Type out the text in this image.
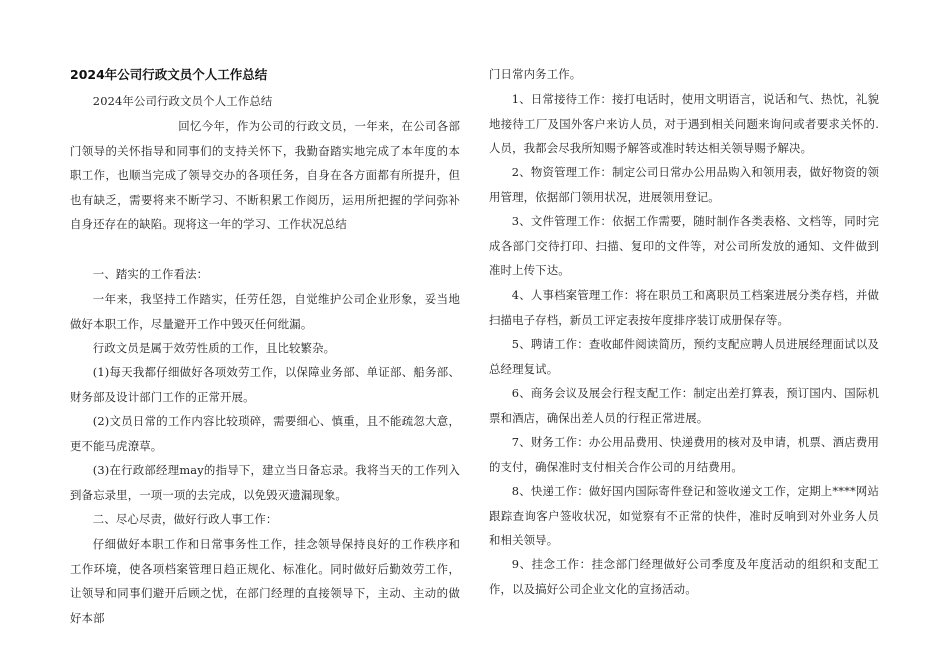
2024年公司行政文员个人工作总结

2024年公司行政文员个人工作总结

回忆今年，作为公司的行政文员，一年来，在公司各部门领导的关怀指导和同事们的支持关怀下，我勤奋踏实地完成了本年度的本职工作，也顺当完成了领导交办的各项任务，自身在各方面都有所提升，但也有缺乏，需要将来不断学习、不断积累工作阅历，运用所把握的学问弥补自身还存在的缺陷。现将这一年的学习、工作状况总结

一、踏实的工作看法：

一年来，我坚持工作踏实，任劳任怨，自觉维护公司企业形象，妥当地做好本职工作，尽量避开工作中毁灭任何纰漏。

行政文员是属于效劳性质的工作，且比较繁杂。

(1)每天我都仔细做好各项效劳工作，以保障业务部、单证部、船务部、财务部及设计部门工作的正常开展。

(2)文员日常的工作内容比较琐碎，需要细心、慎重，且不能疏忽大意，更不能马虎潦草。

(3)在行政部经理may的指导下，建立当日备忘录。我将当天的工作列入到备忘录里，一项一项的去完成，以免毁灭遗漏现象。

二、尽心尽责，做好行政人事工作：

仔细做好本职工作和日常事务性工作，挂念领导保持良好的工作秩序和工作环境，使各项档案管理日趋正规化、标准化。同时做好后勤效劳工作，让领导和同事们避开后顾之忧，在部门经理的直接领导下，主动、主动的做好本部

门日常内务工作。

1、日常接待工作：接打电话时，使用文明语言，说话和气、热忱，礼貌地接待工厂及国外客户来访人员，对于遇到相关问题来询问或者要求关怀的.人员，我都会尽我所知赐予解答或准时转达相关领导赐予解决。

2、物资管理工作：制定公司日常办公用品购入和领用表，做好物资的领用管理，依据部门领用状况，进展领用登记。

3、文件管理工作：依据工作需要，随时制作各类表格、文档等，同时完成各部门交待打印、扫描、复印的文件等，对公司所发放的通知、文件做到准时上传下达。

4、人事档案管理工作：将在职员工和离职员工档案进展分类存档，并做扫描电子存档，新员工评定表按年度排序装订成册保存等。

5、聘请工作：查收邮件阅读简历，预约支配应聘人员进展经理面试以及总经理复试。

6、商务会议及展会行程支配工作：制定出差打算表，预订国内、国际机票和酒店，确保出差人员的行程正常进展。

7、财务工作：办公用品费用、快递费用的核对及申请，机票、酒店费用的支付，确保准时支付相关合作公司的月结费用。

8、快递工作：做好国内国际寄件登记和签收递文工作，定期上****网站跟踪查询客户签收状况，如觉察有不正常的快件，准时反响到对外业务人员和相关领导。

9、挂念工作：挂念部门经理做好公司季度及年度活动的组织和支配工作，以及搞好公司企业文化的宣扬活动。
